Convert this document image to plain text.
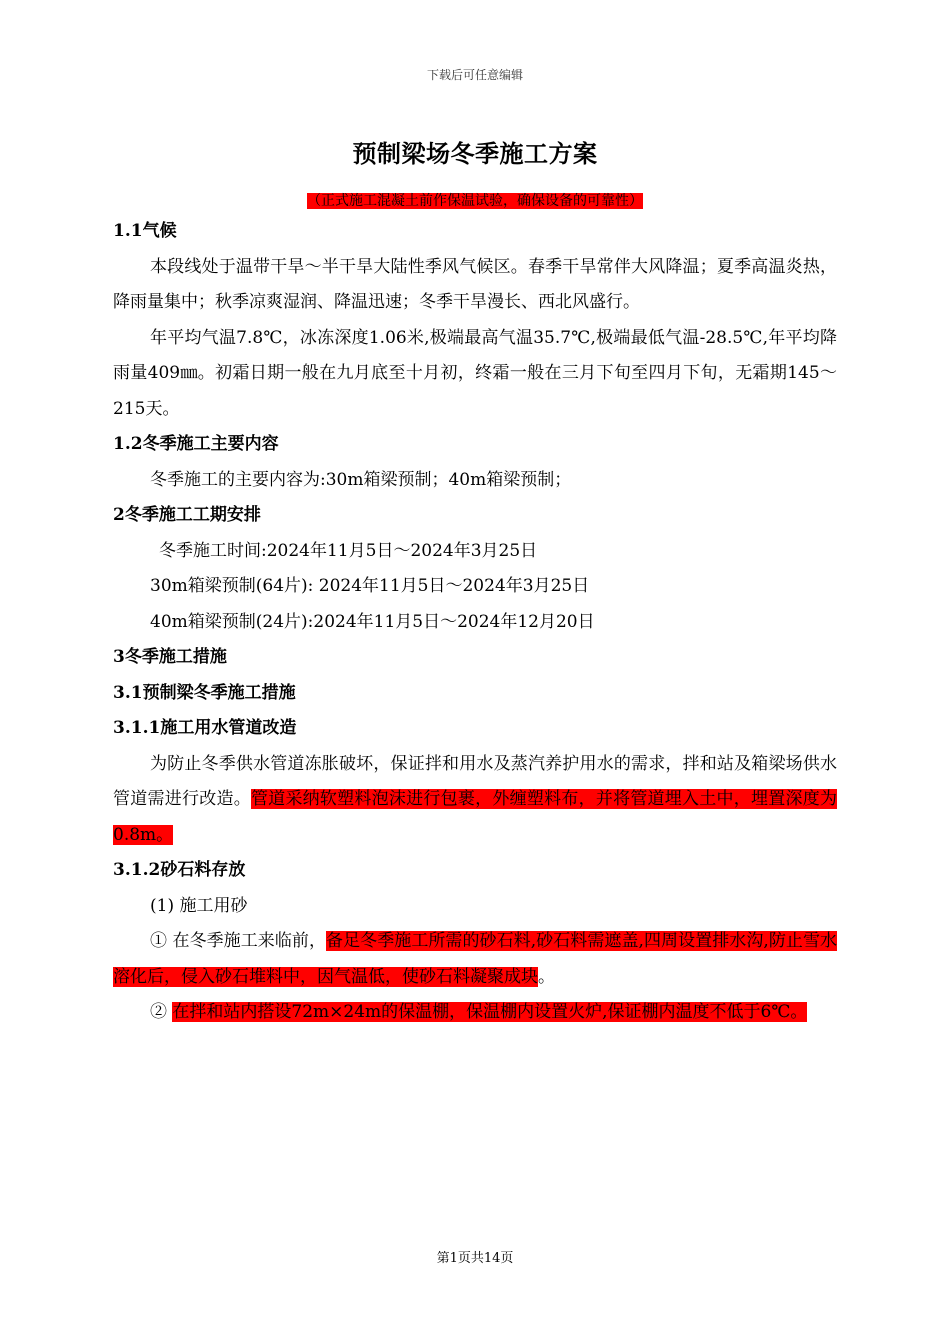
下载后可任意编辑
预制梁场冬季施工方案
（正式施工混凝土前作保温试验，确保设备的可靠性）
1.1气候
本段线处于温带干旱～半干旱大陆性季风气候区。春季干旱常伴大风降温；夏季高温炎热，降雨量集中；秋季凉爽湿润、降温迅速；冬季干旱漫长、西北风盛行。
年平均气温7.8℃，冰冻深度1.06米,极端最高气温35.7℃,极端最低气温-28.5℃,年平均降雨量409㎜。初霜日期一般在九月底至十月初，终霜一般在三月下旬至四月下旬，无霜期145～215天。
1.2冬季施工主要内容
冬季施工的主要内容为:30m箱梁预制；40m箱梁预制；
2冬季施工工期安排
冬季施工时间:2024年11月5日～2024年3月25日
30m箱梁预制(64片): 2024年11月5日～2024年3月25日
40m箱梁预制(24片):2024年11月5日～2024年12月20日
3冬季施工措施
3.1预制梁冬季施工措施
3.1.1施工用水管道改造
为防止冬季供水管道冻胀破坏，保证拌和用水及蒸汽养护用水的需求，拌和站及箱梁场供水管道需进行改造。管道采纳软塑料泡沫进行包裹，外缠塑料布，并将管道埋入土中，埋置深度为0.8m。
3.1.2砂石料存放
(1) 施工用砂
① 在冬季施工来临前，备足冬季施工所需的砂石料,砂石料需遮盖,四周设置排水沟,防止雪水溶化后，侵入砂石堆料中，因气温低，使砂石料凝聚成块。
② 在拌和站内搭设72m×24m的保温棚，保温棚内设置火炉,保证棚内温度不低于6℃。
第1页共14页
